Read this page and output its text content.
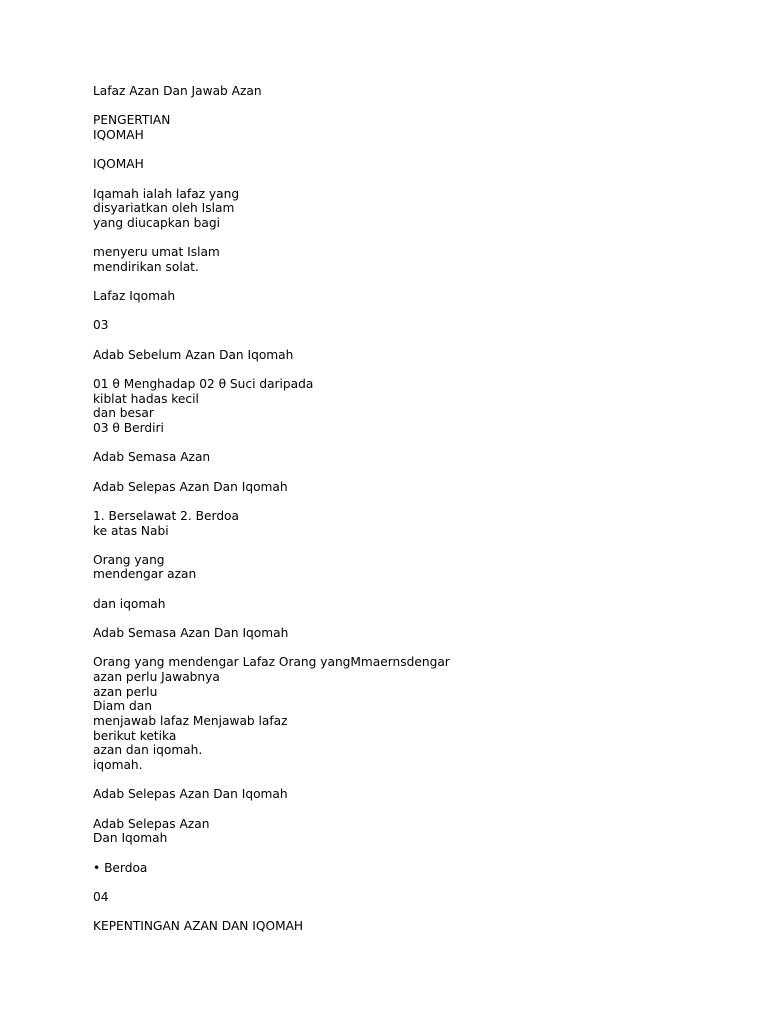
Lafaz Azan Dan Jawab Azan
PENGERTIAN
IQOMAH
IQOMAH
Iqamah ialah lafaz yang
disyariatkan oleh Islam
yang diucapkan bagi
menyeru umat Islam
mendirikan solat.
Lafaz Iqomah
03
Adab Sebelum Azan Dan Iqomah
01 θ Menghadap 02 θ Suci daripada
kiblat hadas kecil
dan besar
03 θ Berdiri
Adab Semasa Azan
Adab Selepas Azan Dan Iqomah
1. Berselawat 2. Berdoa
ke atas Nabi
Orang yang
mendengar azan
dan iqomah
Adab Semasa Azan Dan Iqomah
Orang yang mendengar Lafaz Orang yangMmaernsdengar
azan perlu Jawabnya
azan perlu
Diam dan
menjawab lafaz Menjawab lafaz
berikut ketika
azan dan iqomah.
iqomah.
Adab Selepas Azan Dan Iqomah
Adab Selepas Azan
Dan Iqomah
• Berdoa
04
KEPENTINGAN AZAN DAN IQOMAH
